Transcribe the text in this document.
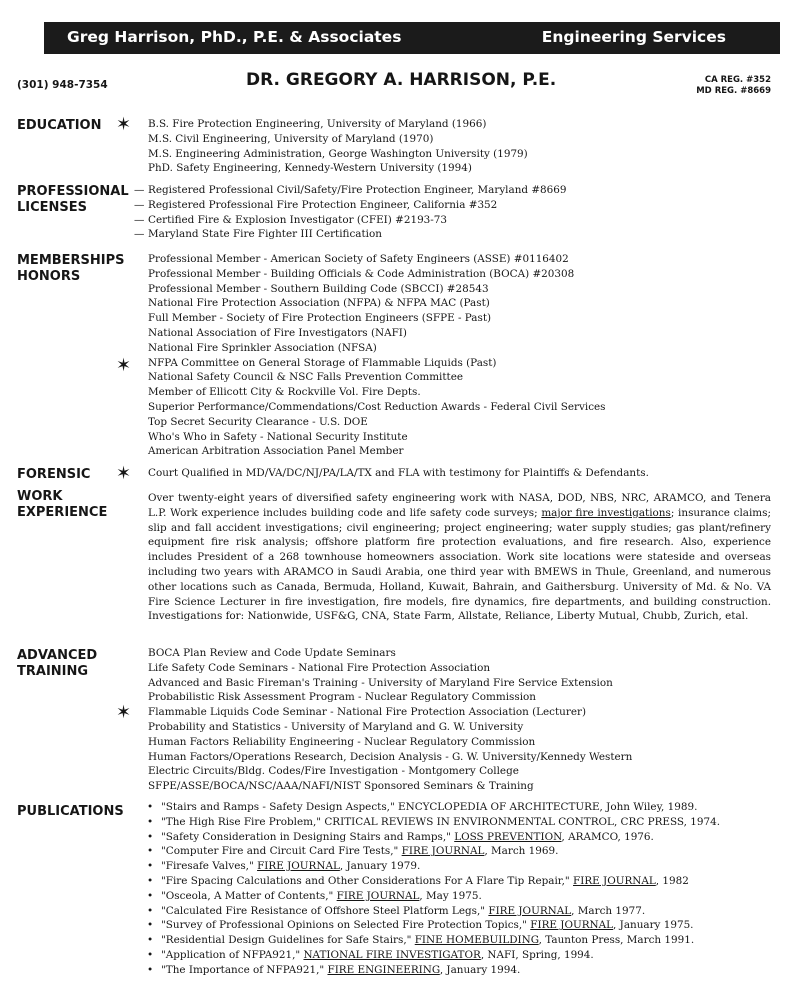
Greg Harrison, PhD., P.E. & Associates	Engineering Services
(301) 948-7354	DR. GREGORY A. HARRISON, P.E.	CA REG. #352
MD REG. #8669
EDUCATION ✶ B.S. Fire Protection Engineering, University of Maryland (1966)
M.S. Civil Engineering, University of Maryland (1970)
M.S. Engineering Administration, George Washington University (1979)
PhD. Safety Engineering, Kennedy-Western University (1994)
PROFESSIONAL
LICENSES
—
—
—
—
Registered Professional Civil/Safety/Fire Protection Engineer, Maryland #8669
Registered Professional Fire Protection Engineer, California #352
Certified Fire & Explosion Investigator (CFEI) #2193-73
Maryland State Fire Fighter III Certification
MEMBERSHIPS
HONORS
✶
Professional Member - American Society of Safety Engineers (ASSE) #0116402
Professional Member - Building Officials & Code Administration (BOCA) #20308
Professional Member - Southern Building Code (SBCCI) #28543
National Fire Protection Association (NFPA) & NFPA MAC (Past)
Full Member - Society of Fire Protection Engineers (SFPE - Past)
National Association of Fire Investigators (NAFI)
National Fire Sprinkler Association (NFSA)
NFPA Committee on General Storage of Flammable Liquids (Past)
National Safety Council & NSC Falls Prevention Committee
Member of Ellicott City & Rockville Vol. Fire Depts.
Superior Performance/Commendations/Cost Reduction Awards - Federal Civil Services
Top Secret Security Clearance - U.S. DOE
Who's Who in Safety - National Security Institute
American Arbitration Association Panel Member
FORENSIC ✶ Court Qualified in MD/VA/DC/NJ/PA/LA/TX and FLA with testimony for Plaintiffs & Defendants.
WORK
EXPERIENCE
Over twenty-eight years of diversified safety engineering work with NASA, DOD, NBS, NRC, ARAMCO, and Tenera L.P. Work experience includes building code and life safety code surveys; major fire investigations; insurance claims; slip and fall accident investigations; civil engineering; project engineering; water supply studies; gas plant/refinery equipment fire risk analysis; offshore platform fire protection evaluations, and fire research. Also, experience includes President of a 268 townhouse homeowners association. Work site locations were stateside and overseas including two years with ARAMCO in Saudi Arabia, one third year with BMEWS in Thule, Greenland, and numerous other locations such as Canada, Bermuda, Holland, Kuwait, Bahrain, and Gaithersburg. University of Md. & No. VA Fire Science Lecturer in fire investigation, fire models, fire dynamics, fire departments, and building construction. Investigations for: Nationwide, USF&G, CNA, State Farm, Allstate, Reliance, Liberty Mutual, Chubb, Zurich, etal.
ADVANCED
TRAINING
✶
BOCA Plan Review and Code Update Seminars
Life Safety Code Seminars - National Fire Protection Association
Advanced and Basic Fireman's Training - University of Maryland Fire Service Extension
Probabilistic Risk Assessment Program - Nuclear Regulatory Commission
Flammable Liquids Code Seminar - National Fire Protection Association (Lecturer)
Probability and Statistics - University of Maryland and G. W. University
Human Factors Reliability Engineering - Nuclear Regulatory Commission
Human Factors/Operations Research, Decision Analysis - G. W. University/Kennedy Western
Electric Circuits/Bldg. Codes/Fire Investigation - Montgomery College
SFPE/ASSE/BOCA/NSC/AAA/NAFI/NIST Sponsored Seminars & Training
PUBLICATIONS
•	"Stairs and Ramps - Safety Design Aspects," ENCYCLOPEDIA OF ARCHITECTURE, John Wiley, 1989.
• "The High Rise Fire Problem," CRITICAL REVIEWS IN ENVIRONMENTAL CONTROL, CRC PRESS, 1974.
• "Safety Consideration in Designing Stairs and Ramps," LOSS PREVENTION, ARAMCO, 1976.
• "Computer Fire and Circuit Card Fire Tests," FIRE JOURNAL, March 1969.
• "Firesafe Valves," FIRE JOURNAL, January 1979.
• "Fire Spacing Calculations and Other Considerations For A Flare Tip Repair," FIRE JOURNAL, 1982
• "Osceola, A Matter of Contents," FIRE JOURNAL, May 1975.
• "Calculated Fire Resistance of Offshore Steel Platform Legs," FIRE JOURNAL, March 1977.
• "Survey of Professional Opinions on Selected Fire Protection Topics," FIRE JOURNAL, January 1975.
• "Residential Design Guidelines for Safe Stairs," FINE HOMEBUILDING, Taunton Press, March 1991.
• "Application of NFPA921," NATIONAL FIRE INVESTIGATOR, NAFI, Spring, 1994.
• "The Importance of NFPA921," FIRE ENGINEERING, January 1994.
